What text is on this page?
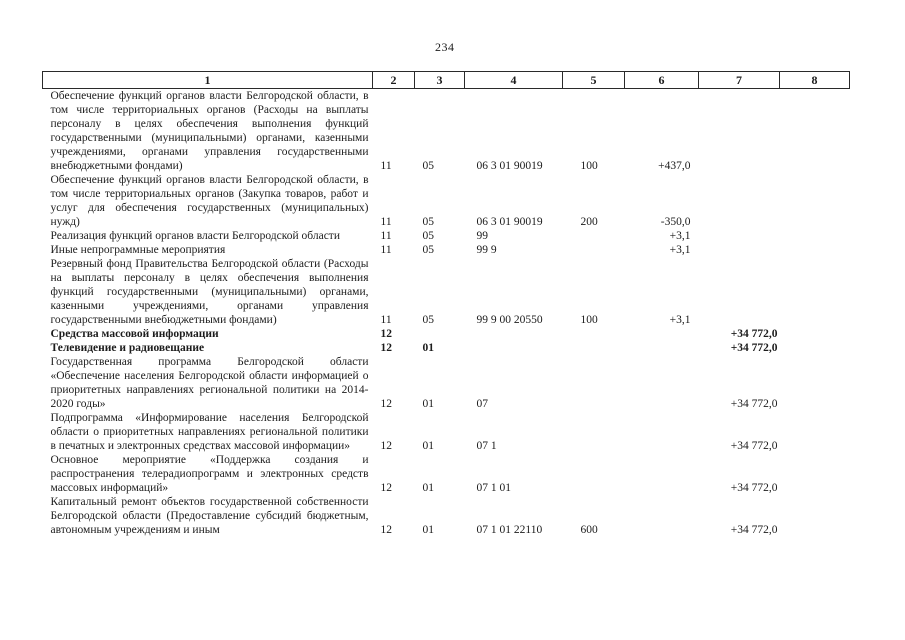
234
1	2	3	4	5	6	7	8
Обеспечение функций органов власти Белгородской области, в том числе территориальных органов (Расходы на выплаты персоналу в целях обеспечения выполнения функций государственными (муниципальными) органами, казенными учреждениями, органами управления государственными внебюджетными фондами)	11	05	06 3 01 90019	100	+437,0		
Обеспечение функций органов власти Белгородской области, в том числе территориальных органов (Закупка товаров, работ и услуг для обеспечения государственных (муниципальных) нужд)	11	05	06 3 01 90019	200	-350,0		
Реализация функций органов власти Белгородской области	11	05	99		+3,1		
Иные непрограммные мероприятия	11	05	99 9		+3,1		
Резервный фонд Правительства Белгородской области (Расходы на выплаты персоналу в целях обеспечения выполнения функций государственными (муниципальными) органами, казенными учреждениями, органами управления государственными внебюджетными фондами)	11	05	99 9 00 20550	100	+3,1		
Средства массовой информации	12					+34 772,0	
Телевидение и радиовещание	12	01				+34 772,0	
Государственная программа Белгородской области «Обеспечение населения Белгородской области информацией о приоритетных направлениях региональной политики на 2014-2020 годы»	12	01	07			+34 772,0	
Подпрограмма «Информирование населения Белгородской области о приоритетных направлениях региональной политики в печатных и электронных средствах массовой информации»	12	01	07 1			+34 772,0	
Основное мероприятие «Поддержка создания и распространения телерадиопрограмм и электронных средств массовых информаций»	12	01	07 1 01			+34 772,0	
Капитальный ремонт объектов государственной собственности Белгородской области (Предоставление субсидий бюджетным, автономным учреждениям и иным	12	01	07 1 01 22110	600		+34 772,0	
